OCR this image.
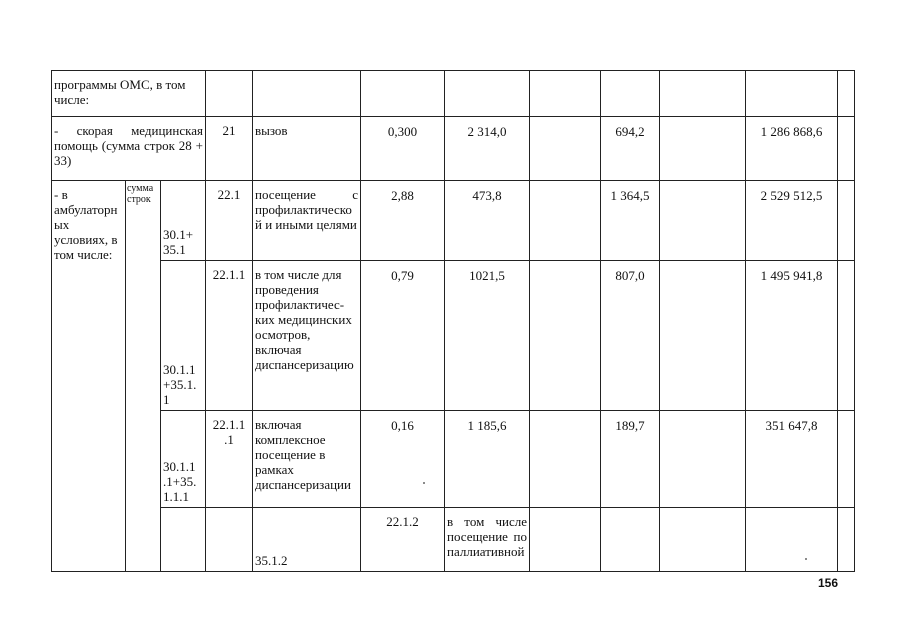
программы ОМС, в том числе:												
- скорая медицинская помощь (сумма строк 28 + 33)			21	вызов	0,300	2 314,0		694,2		1 286 868,6		
- в амбулаторных условиях, в том числе:	сумма строк	30.1+ 35.1	22.1	посещение с профилактической и иными целями	2,88	473,8		1 364,5		2 529 512,5		
		30.1.1 +35.1. 1	22.1.1	в том числе для проведения профилактичес- ких медицинских осмотров, включая диспансеризацию	0,79	1021,5		807,0		1 495 941,8		
		30.1.1 .1+35. 1.1.1	22.1.1 .1	включая комплексное посещение в рамках диспансеризации	0,16	1 185,6		189,7		351 647,8		
				35.1.2	22.1.2	в том числе посещение по паллиативной							
156
